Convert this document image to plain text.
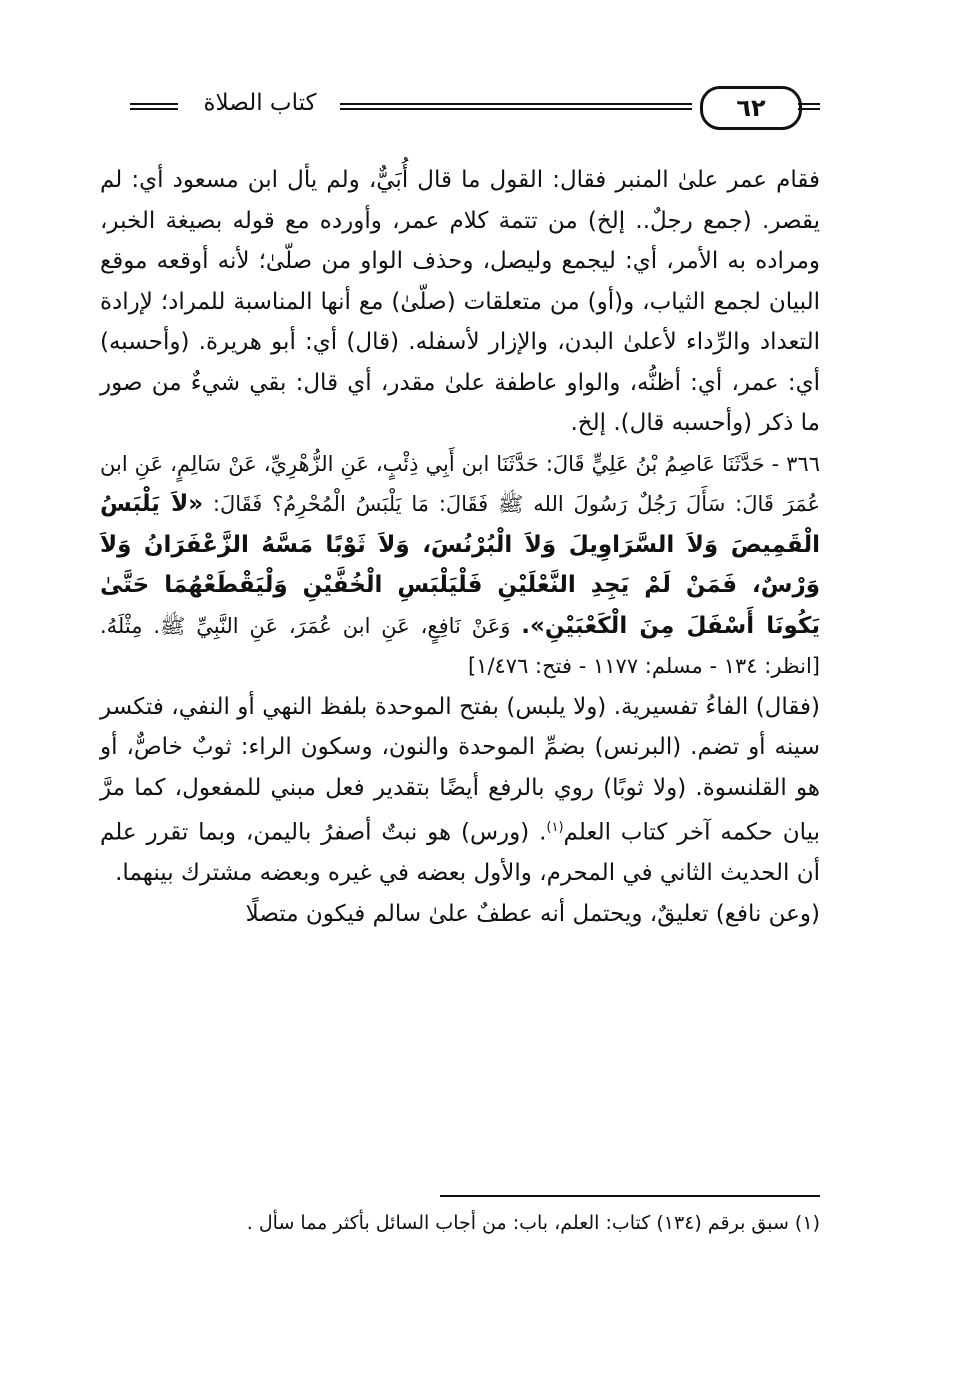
كتاب الصلاة	٦٢

فقام عمر علىٰ المنبر فقال: القول ما قال أُبَيٌّ، ولم يأل ابن مسعود أي: لم يقصر. (جمع رجلٌ.. إلخ) من تتمة كلام عمر، وأورده مع قوله بصيغة الخبر، ومراده به الأمر، أي: ليجمع وليصل، وحذف الواو من صلّىٰ؛ لأنه أوقعه موقع البيان لجمع الثياب، و(أو) من متعلقات (صلّىٰ) مع أنها المناسبة للمراد؛ لإرادة التعداد والرِّداء لأعلىٰ البدن، والإزار لأسفله. (قال) أي: أبو هريرة. (وأحسبه) أي: عمر، أي: أظنُّه، والواو عاطفة علىٰ مقدر، أي قال: بقي شيءٌ من صور ما ذكر (وأحسبه قال). إلخ.

٣٦٦ - حَدَّثَنَا عَاصِمُ بْنُ عَلِيٍّ قَالَ: حَدَّثَنَا ابن أَبِي ذِئْبٍ، عَنِ الزُّهْرِيِّ، عَنْ سَالِمٍ، عَنِ ابن عُمَرَ قَالَ: سَأَلَ رَجُلٌ رَسُولَ الله ﷺ فَقَالَ: مَا يَلْبَسُ الْمُحْرِمُ؟ فَقَالَ: «لاَ يَلْبَسُ الْقَمِيصَ وَلاَ السَّرَاوِيلَ وَلاَ الْبُرْنُسَ، وَلاَ ثَوْبًا مَسَّهُ الزَّعْفَرَانُ وَلاَ وَرْسٌ، فَمَنْ لَمْ يَجِدِ النَّعْلَيْنِ فَلْيَلْبَسِ الْخُفَّيْنِ وَلْيَقْطَعْهُمَا حَتَّىٰ يَكُونَا أَسْفَلَ مِنَ الْكَعْبَيْنِ». وَعَنْ نَافِعٍ، عَنِ ابن عُمَرَ، عَنِ النَّبِيِّ ﷺ. مِثْلَهُ. [انظر: ١٣٤ - مسلم: ١١٧٧ - فتح: ١/٤٧٦]

(فقال) الفاءُ تفسيرية. (ولا يلبس) بفتح الموحدة بلفظ النهي أو النفي، فتكسر سينه أو تضم. (البرنس) بضمِّ الموحدة والنون، وسكون الراء: ثوبٌ خاصٌّ، أو هو القلنسوة. (ولا ثوبًا) روي بالرفع أيضًا بتقدير فعل مبني للمفعول، كما مرَّ بيان حكمه آخر كتاب العلم$^{(١)}$. (ورس) هو نبتٌ أصفرُ باليمن، وبما تقرر علم أن الحديث الثاني في المحرم، والأول بعضه في غيره وبعضه مشترك بينهما.

(وعن نافع) تعليقٌ، ويحتمل أنه عطفٌ علىٰ سالم فيكون متصلًا

(١) سبق برقم (١٣٤) كتاب: العلم، باب: من أجاب السائل بأكثر مما سأل .
